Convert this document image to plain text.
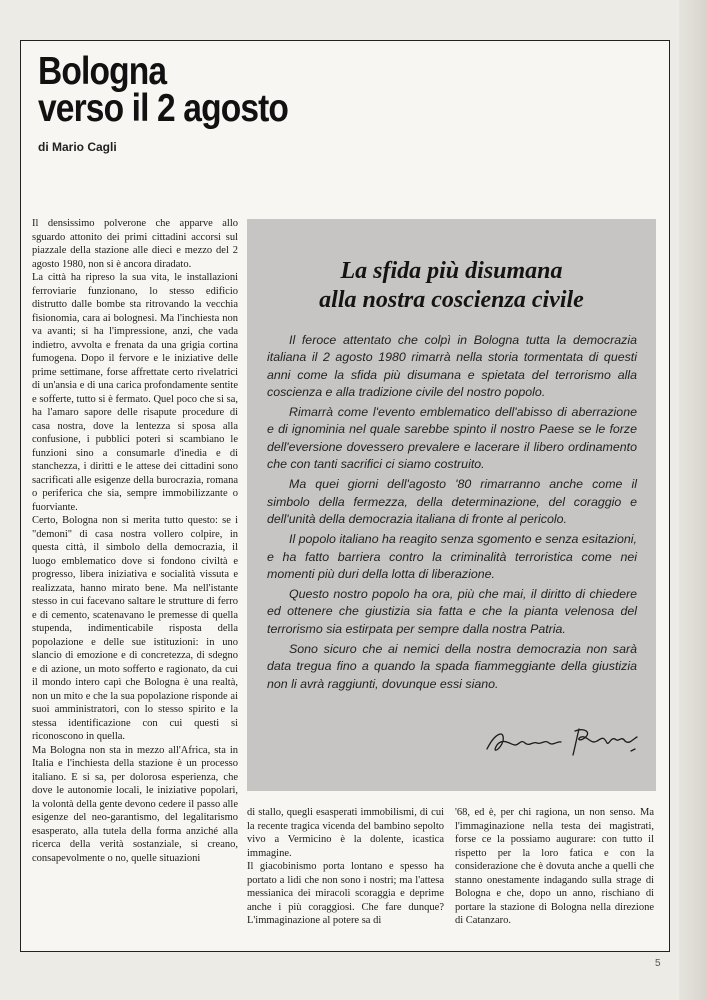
Bologna
verso il 2 agosto
di Mario Cagli

Il densissimo polverone che apparve allo sguardo attonito dei primi cittadini accorsi sul piazzale della stazione alle dieci e mezzo del 2 agosto 1980, non si è ancora diradato.

La città ha ripreso la sua vita, le installazioni ferroviarie funzionano, lo stesso edificio distrutto dalle bombe sta ritrovando la vecchia fisionomia, cara ai bolognesi. Ma l'inchiesta non va avanti; si ha l'impressione, anzi, che vada indietro, avvolta e frenata da una grigia cortina fumogena. Dopo il fervore e le iniziative delle prime settimane, forse affrettate certo rivelatrici di un'ansia e di una carica profondamente sentite e sofferte, tutto si è fermato. Quel poco che si sa, ha l'amaro sapore delle risapute procedure di casa nostra, dove la lentezza si sposa alla confusione, i pubblici poteri si scambiano le funzioni sino a consumarle d'inedia e di stanchezza, i diritti e le attese dei cittadini sono sacrificati alle esigenze della burocrazia, romana o periferica che sia, sempre immobilizzante o fuorviante.

Certo, Bologna non si merita tutto questo: se i "demoni" di casa nostra vollero colpire, in questa città, il simbolo della democrazia, il luogo emblematico dove si fondono civiltà e progresso, libera iniziativa e socialità vissuta e realizzata, hanno mirato bene. Ma nell'istante stesso in cui facevano saltare le strutture di ferro e di cemento, scatenavano le premesse di quella stupenda, indimenticabile risposta della popolazione e delle sue istituzioni: in uno slancio di emozione e di concretezza, di sdegno e di azione, un moto sofferto e ragionato, da cui il mondo intero capì che Bologna è una realtà, non un mito e che la sua popolazione risponde ai suoi amministratori, con lo stesso spirito e la stessa identificazione con cui questi si riconoscono in quella.

Ma Bologna non sta in mezzo all'Africa, sta in Italia e l'inchiesta della stazione è un processo italiano. E si sa, per dolorosa esperienza, che dove le autonomie locali, le iniziative popolari, la volontà della gente devono cedere il passo alle esigenze del neo-garantismo, del legalitarismo esasperato, alla tutela della forma anziché alla ricerca della verità sostanziale, si creano, consapevolmente o no, quelle situazioni

La sfida più disumana
alla nostra coscienza civile

Il feroce attentato che colpì in Bologna tutta la democrazia italiana il 2 agosto 1980 rimarrà nella storia tormentata di questi anni come la sfida più disumana e spietata del terrorismo alla coscienza e alla tradizione civile del nostro popolo.

Rimarrà come l'evento emblematico dell'abisso di aberrazione e di ignominia nel quale sarebbe spinto il nostro Paese se le forze dell'eversione dovessero prevalere e lacerare il libero ordinamento che con tanti sacrifici ci siamo costruito.

Ma quei giorni dell'agosto '80 rimarranno anche come il simbolo della fermezza, della determinazione, del coraggio e dell'unità della democrazia italiana di fronte al pericolo.

Il popolo italiano ha reagito senza sgomento e senza esitazioni, e ha fatto barriera contro la criminalità terroristica come nei momenti più duri della lotta di liberazione.

Questo nostro popolo ha ora, più che mai, il diritto di chiedere ed ottenere che giustizia sia fatta e che la pianta velenosa del terrorismo sia estirpata per sempre dalla nostra Patria.

Sono sicuro che ai nemici della nostra democrazia non sarà data tregua fino a quando la spada fiammeggiante della giustizia non li avrà raggiunti, dovunque essi siano.

di stallo, quegli esasperati immobilismi, di cui la recente tragica vicenda del bambino sepolto vivo a Vermicino è la dolente, icastica immagine.

Il giacobinismo porta lontano e spesso ha portato a lidi che non sono i nostri; ma l'attesa messianica dei miracoli scoraggia e deprime anche i più coraggiosi. Che fare dunque? L'immaginazione al potere sa di

'68, ed è, per chi ragiona, un non senso. Ma l'immaginazione nella testa dei magistrati, forse ce la possiamo augurare: con tutto il rispetto per la loro fatica e con la considerazione che è dovuta anche a quelli che stanno onestamente indagando sulla strage di Bologna e che, dopo un anno, rischiano di portare la stazione di Bologna nella direzione di Catanzaro.

5
